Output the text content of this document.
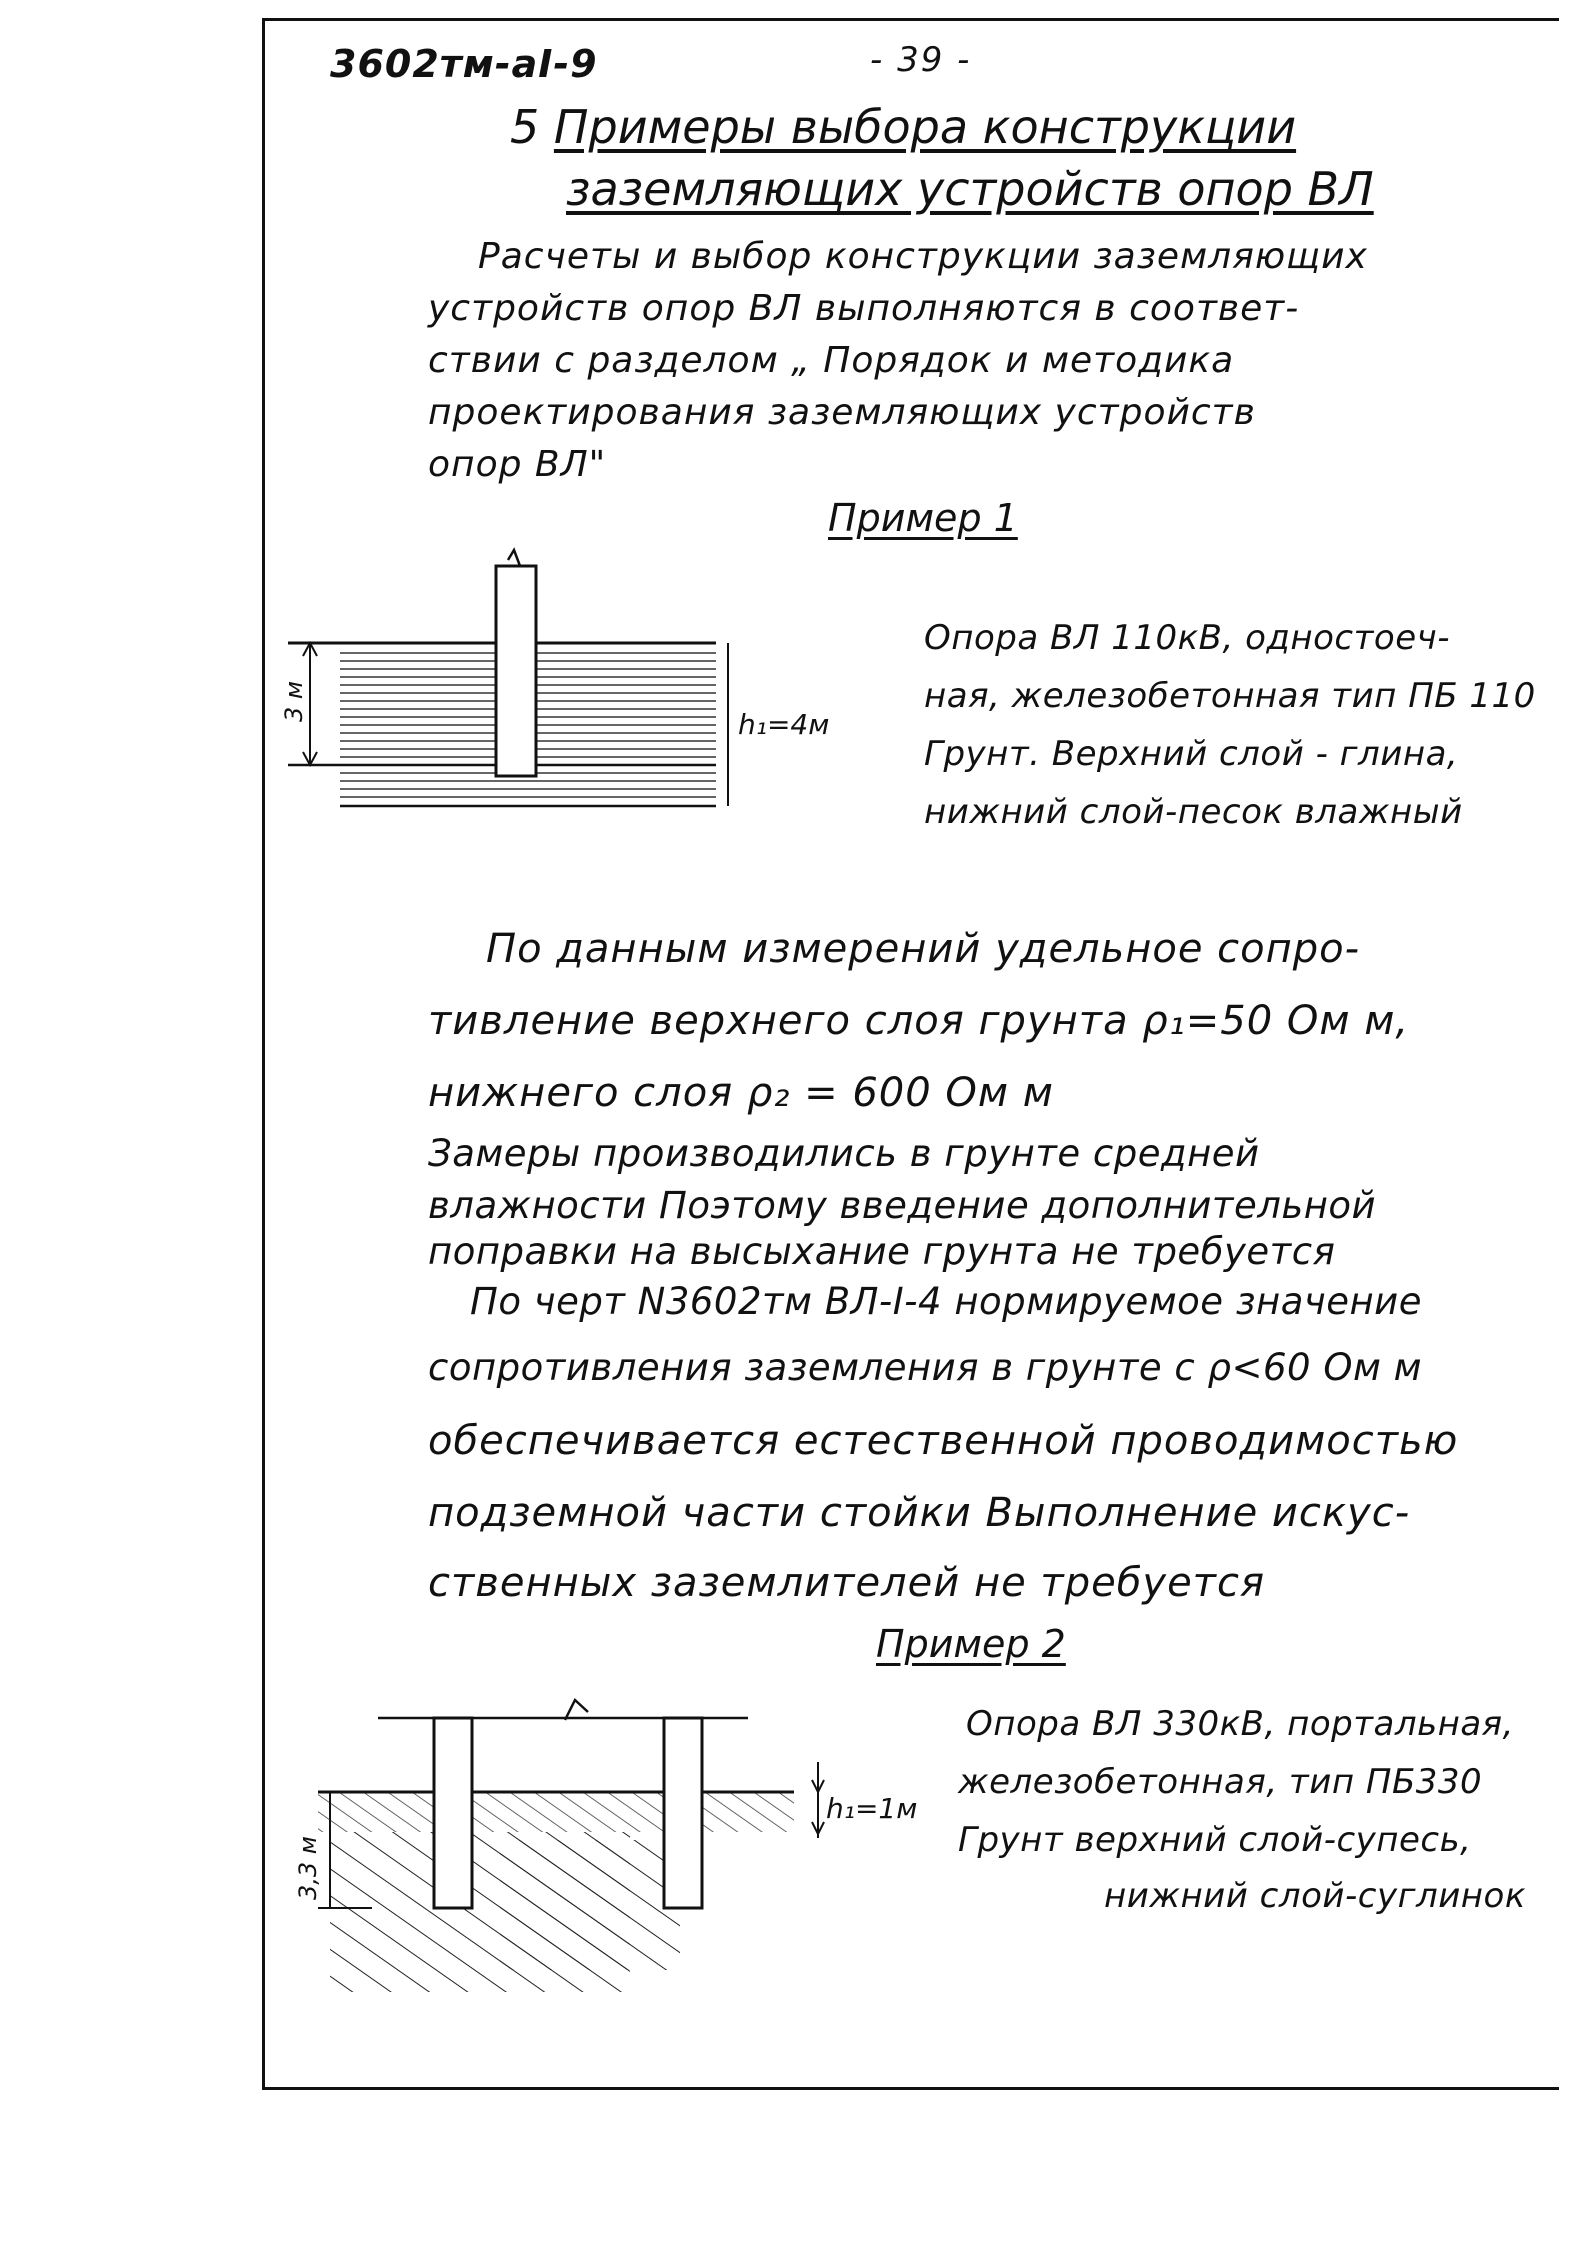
3602тм-аI-9	- 39 -
5 Примеры выбора конструкции
заземляющих устройств опор ВЛ
Расчеты и выбор конструкции заземляющих
устройств опор ВЛ выполняются в соответ-
ствии с разделом „ Порядок и методика
проектирования заземляющих устройств
опор ВЛ"
Пример 1
3 м
h₁=4м
Опора ВЛ 110кВ, одностоеч-
ная, железобетонная тип ПБ 110
Грунт. Верхний слой - глина,
нижний слой-песок влажный
По данным измерений удельное сопро-
тивление верхнего слоя грунта ρ₁=50 Ом м,
нижнего слоя ρ₂ = 600 Ом м
Замеры производились в грунте средней
влажности Поэтому введение дополнительной
поправки на высыхание грунта не требуется
По черт N3602тм ВЛ-І-4 нормируемое значение
сопротивления заземления в грунте с ρ<60 Ом м
обеспечивается естественной проводимостью
подземной части стойки Выполнение искус-
ственных заземлителей не требуется
Пример 2
3,3 м
h₁=1м
Опора ВЛ 330кВ, портальная,
железобетонная, тип ПБ330
Грунт верхний слой-супесь,
нижний слой-суглинок
